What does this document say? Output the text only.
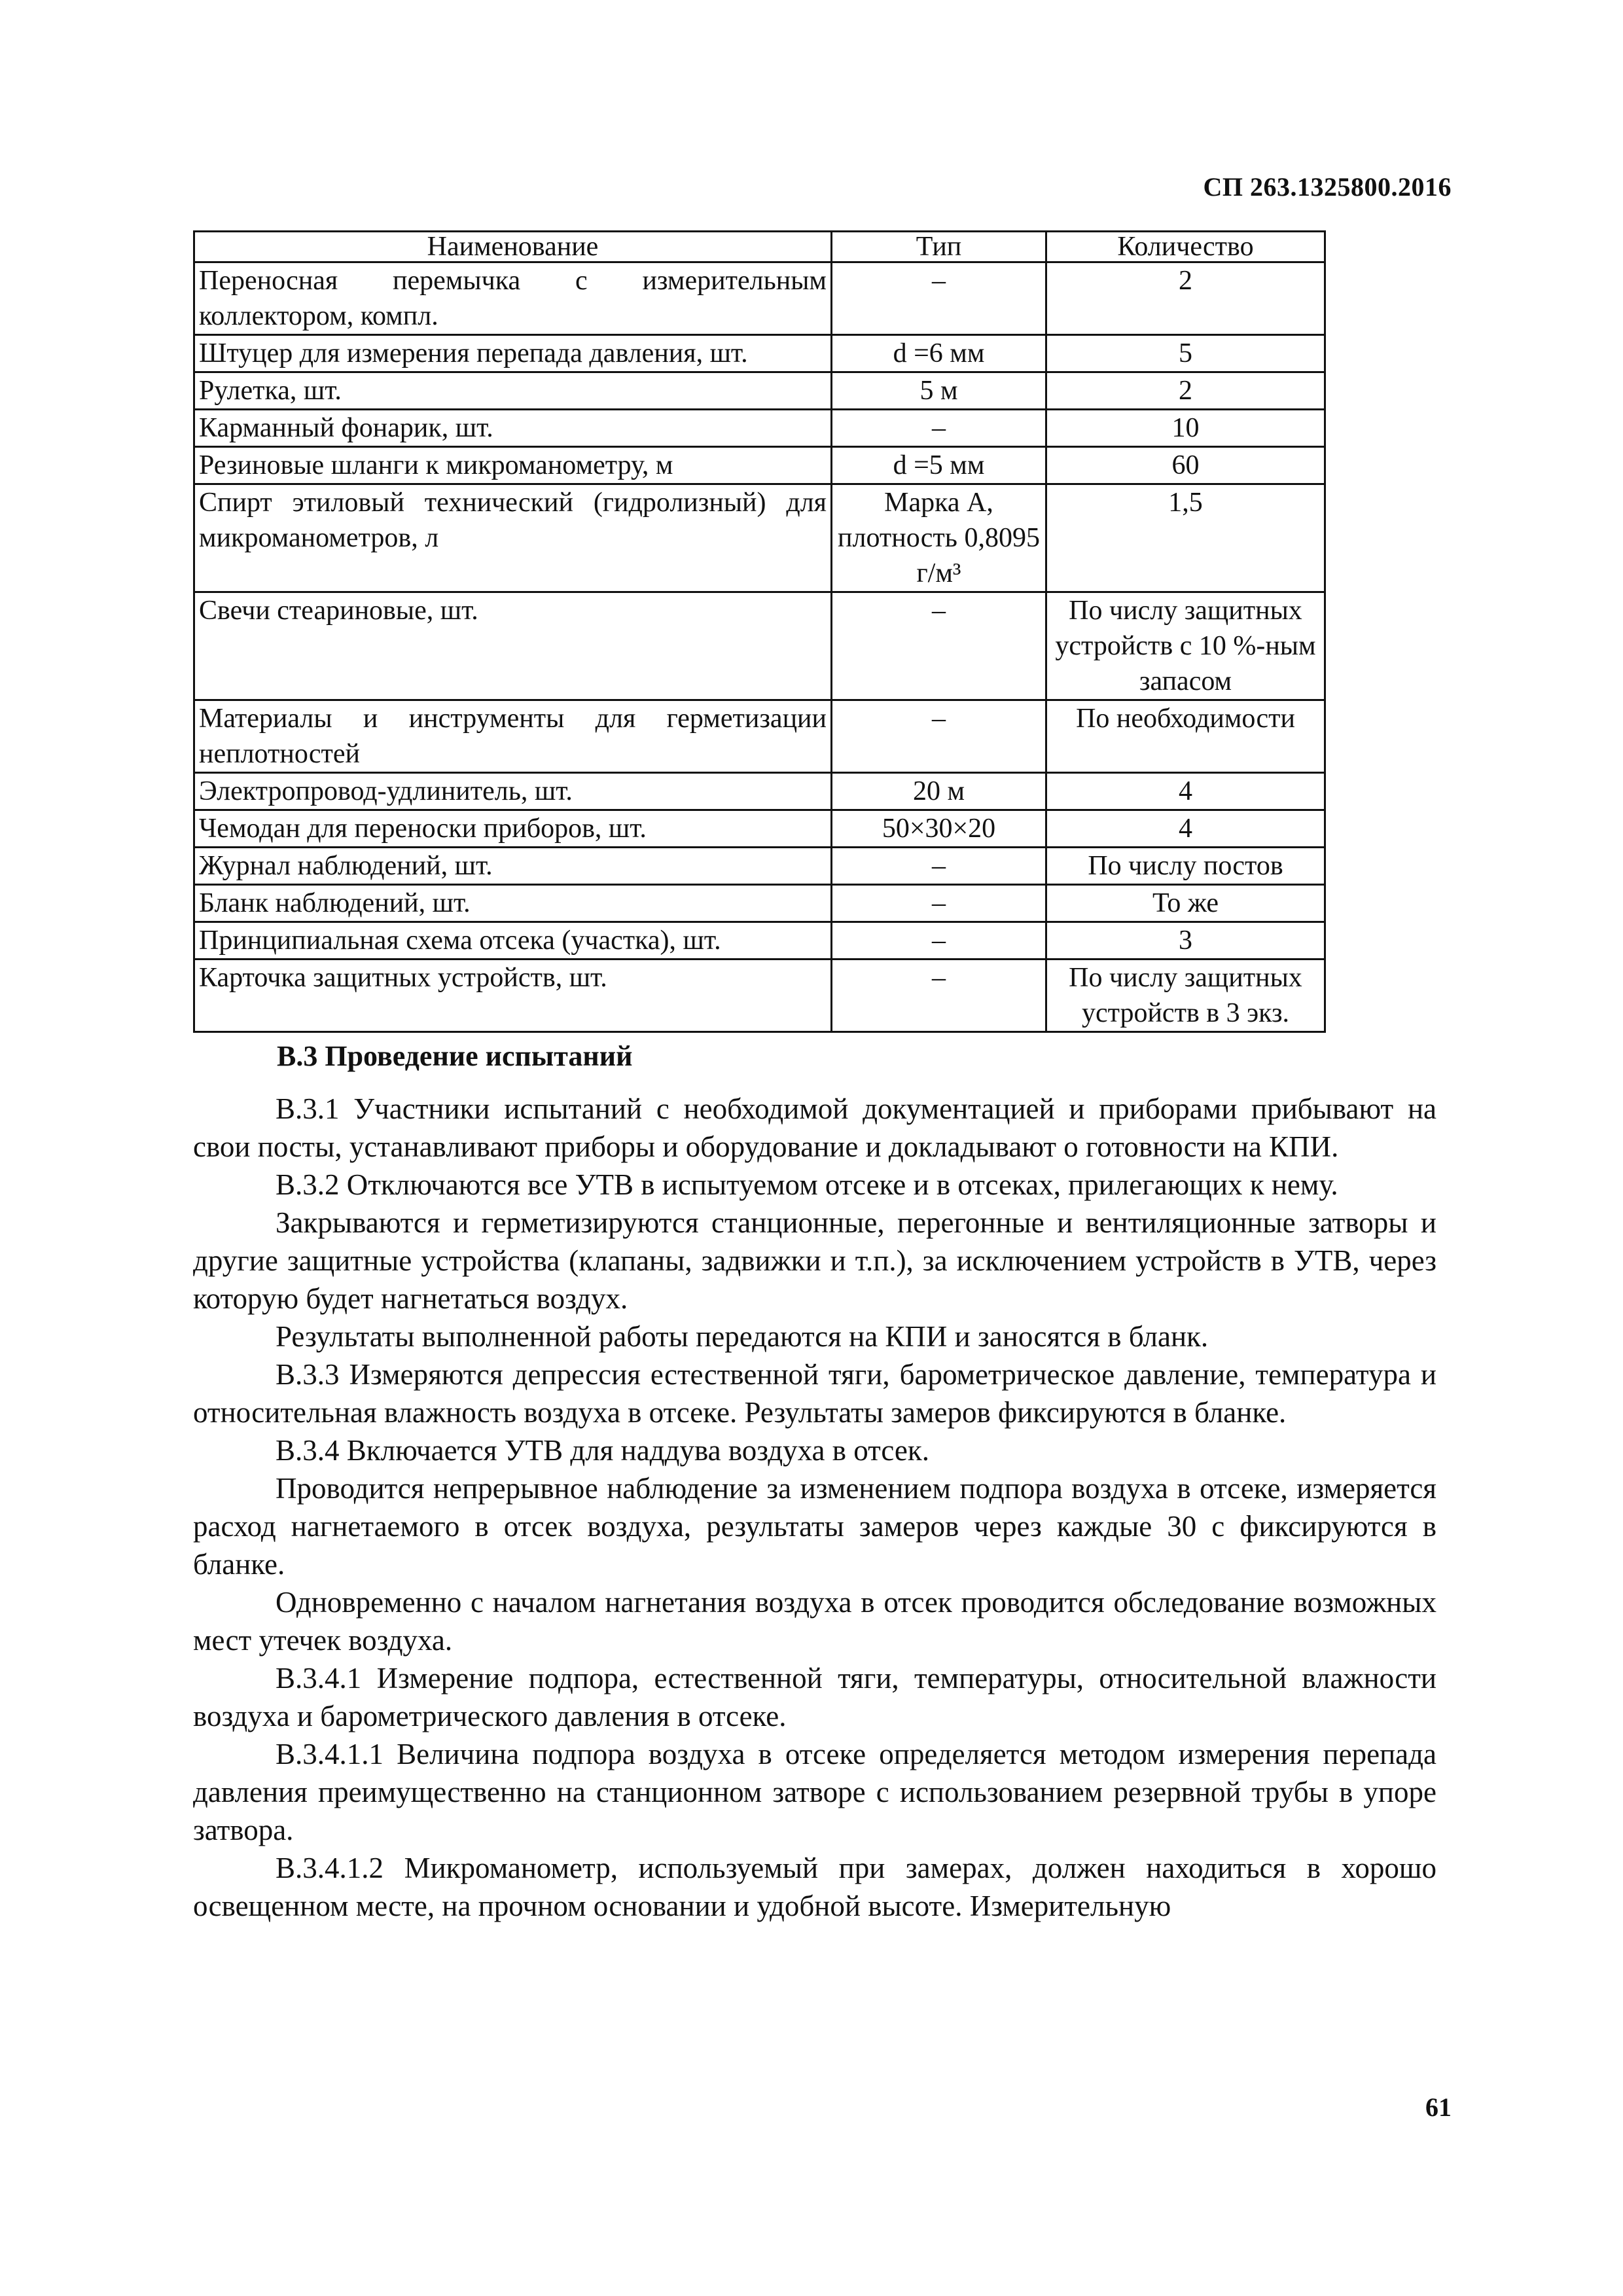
СП 263.1325800.2016
Наименование	Тип	Количество
Переносная перемычка с измерительным коллектором, компл.	–	2
Штуцер для измерения перепада давления, шт.	d =6 мм	5
Рулетка, шт.	5 м	2
Карманный фонарик, шт.	–	10
Резиновые шланги к микроманометру, м	d =5 мм	60
Спирт этиловый технический (гидролизный) для микроманометров, л	Марка А, плотность 0,8095 г/м³	1,5
Свечи стеариновые, шт.	–	По числу защитных устройств с 10 %-ным запасом
Материалы и инструменты для герметизации неплотностей	–	По необходимости
Электропровод-удлинитель, шт.	20 м	4
Чемодан для переноски приборов, шт.	50×30×20	4
Журнал наблюдений, шт.	–	По числу постов
Бланк наблюдений, шт.	–	То же
Принципиальная схема отсека (участка), шт.	–	3
Карточка защитных устройств, шт.	–	По числу защитных устройств в 3 экз.
В.3 Проведение испытаний

В.3.1 Участники испытаний с необходимой документацией и приборами прибывают на свои посты, устанавливают приборы и оборудование и докладывают о готовности на КПИ.

В.3.2 Отключаются все УТВ в испытуемом отсеке и в отсеках, прилегающих к нему.

Закрываются и герметизируются станционные, перегонные и вентиляционные затворы и другие защитные устройства (клапаны, задвижки и т.п.), за исключением устройств в УТВ, через которую будет нагнетаться воздух.

Результаты выполненной работы передаются на КПИ и заносятся в бланк.

В.3.3 Измеряются депрессия естественной тяги, барометрическое давление, температура и относительная влажность воздуха в отсеке. Результаты замеров фиксируются в бланке.

В.3.4 Включается УТВ для наддува воздуха в отсек.

Проводится непрерывное наблюдение за изменением подпора воздуха в отсеке, измеряется расход нагнетаемого в отсек воздуха, результаты замеров через каждые 30 с фиксируются в бланке.

Одновременно с началом нагнетания воздуха в отсек проводится обследование возможных мест утечек воздуха.

В.3.4.1 Измерение подпора, естественной тяги, температуры, относительной влажности воздуха и барометрического давления в отсеке.

В.3.4.1.1 Величина подпора воздуха в отсеке определяется методом измерения перепада давления преимущественно на станционном затворе с использованием резервной трубы в упоре затвора.

В.3.4.1.2 Микроманометр, используемый при замерах, должен находиться в хорошо освещенном месте, на прочном основании и удобной высоте. Измерительную

61
